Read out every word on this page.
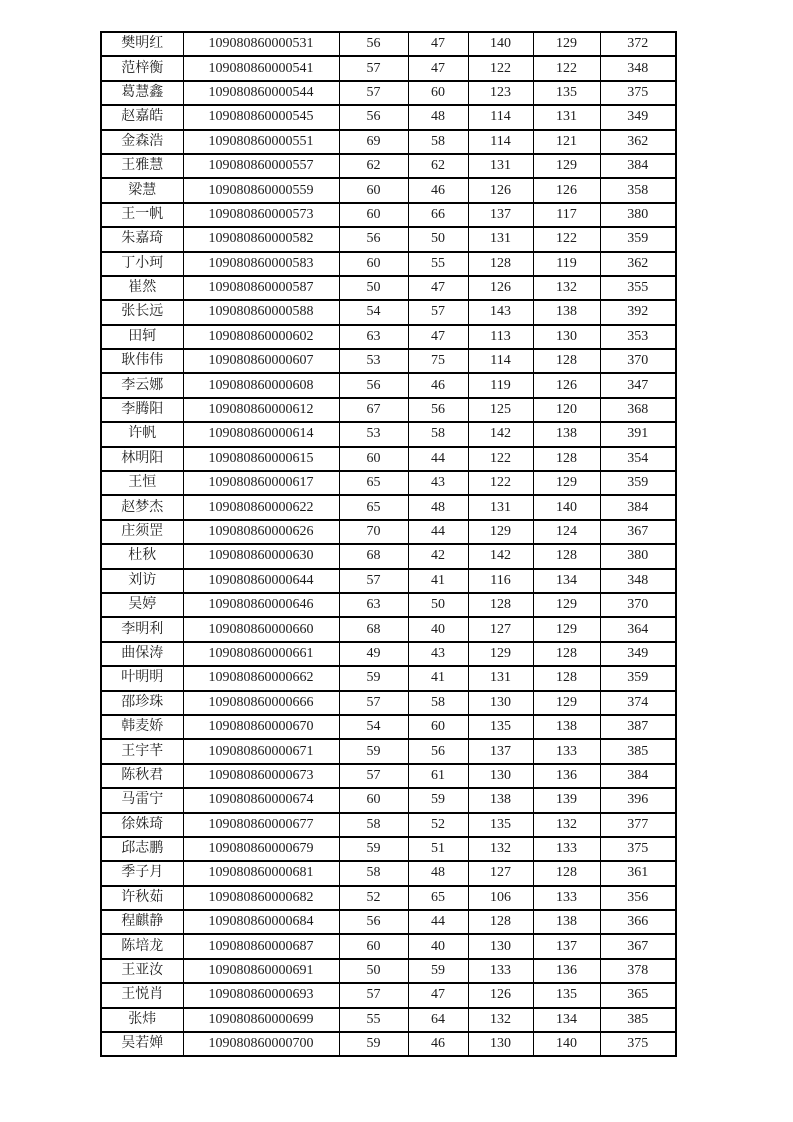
樊明红	109080860000531	56	47	140	129	372
范梓衡	109080860000541	57	47	122	122	348
葛慧鑫	109080860000544	57	60	123	135	375
赵嘉皓	109080860000545	56	48	114	131	349
金森浩	109080860000551	69	58	114	121	362
王雅慧	109080860000557	62	62	131	129	384
梁慧	109080860000559	60	46	126	126	358
王一帆	109080860000573	60	66	137	117	380
朱嘉琦	109080860000582	56	50	131	122	359
丁小珂	109080860000583	60	55	128	119	362
崔然	109080860000587	50	47	126	132	355
张长远	109080860000588	54	57	143	138	392
田轲	109080860000602	63	47	113	130	353
耿伟伟	109080860000607	53	75	114	128	370
李云娜	109080860000608	56	46	119	126	347
李腾阳	109080860000612	67	56	125	120	368
许帆	109080860000614	53	58	142	138	391
林明阳	109080860000615	60	44	122	128	354
王恒	109080860000617	65	43	122	129	359
赵梦杰	109080860000622	65	48	131	140	384
庄须罡	109080860000626	70	44	129	124	367
杜秋	109080860000630	68	42	142	128	380
刘访	109080860000644	57	41	116	134	348
吴婷	109080860000646	63	50	128	129	370
李明利	109080860000660	68	40	127	129	364
曲保涛	109080860000661	49	43	129	128	349
叶明明	109080860000662	59	41	131	128	359
邵珍珠	109080860000666	57	58	130	129	374
韩麦娇	109080860000670	54	60	135	138	387
王宇芊	109080860000671	59	56	137	133	385
陈秋君	109080860000673	57	61	130	136	384
马雷宁	109080860000674	60	59	138	139	396
徐姝琦	109080860000677	58	52	135	132	377
邱志鹏	109080860000679	59	51	132	133	375
季子月	109080860000681	58	48	127	128	361
许秋茹	109080860000682	52	65	106	133	356
程麒静	109080860000684	56	44	128	138	366
陈培龙	109080860000687	60	40	130	137	367
王亚汝	109080860000691	50	59	133	136	378
王悦肖	109080860000693	57	47	126	135	365
张炜	109080860000699	55	64	132	134	385
吴若婵	109080860000700	59	46	130	140	375
